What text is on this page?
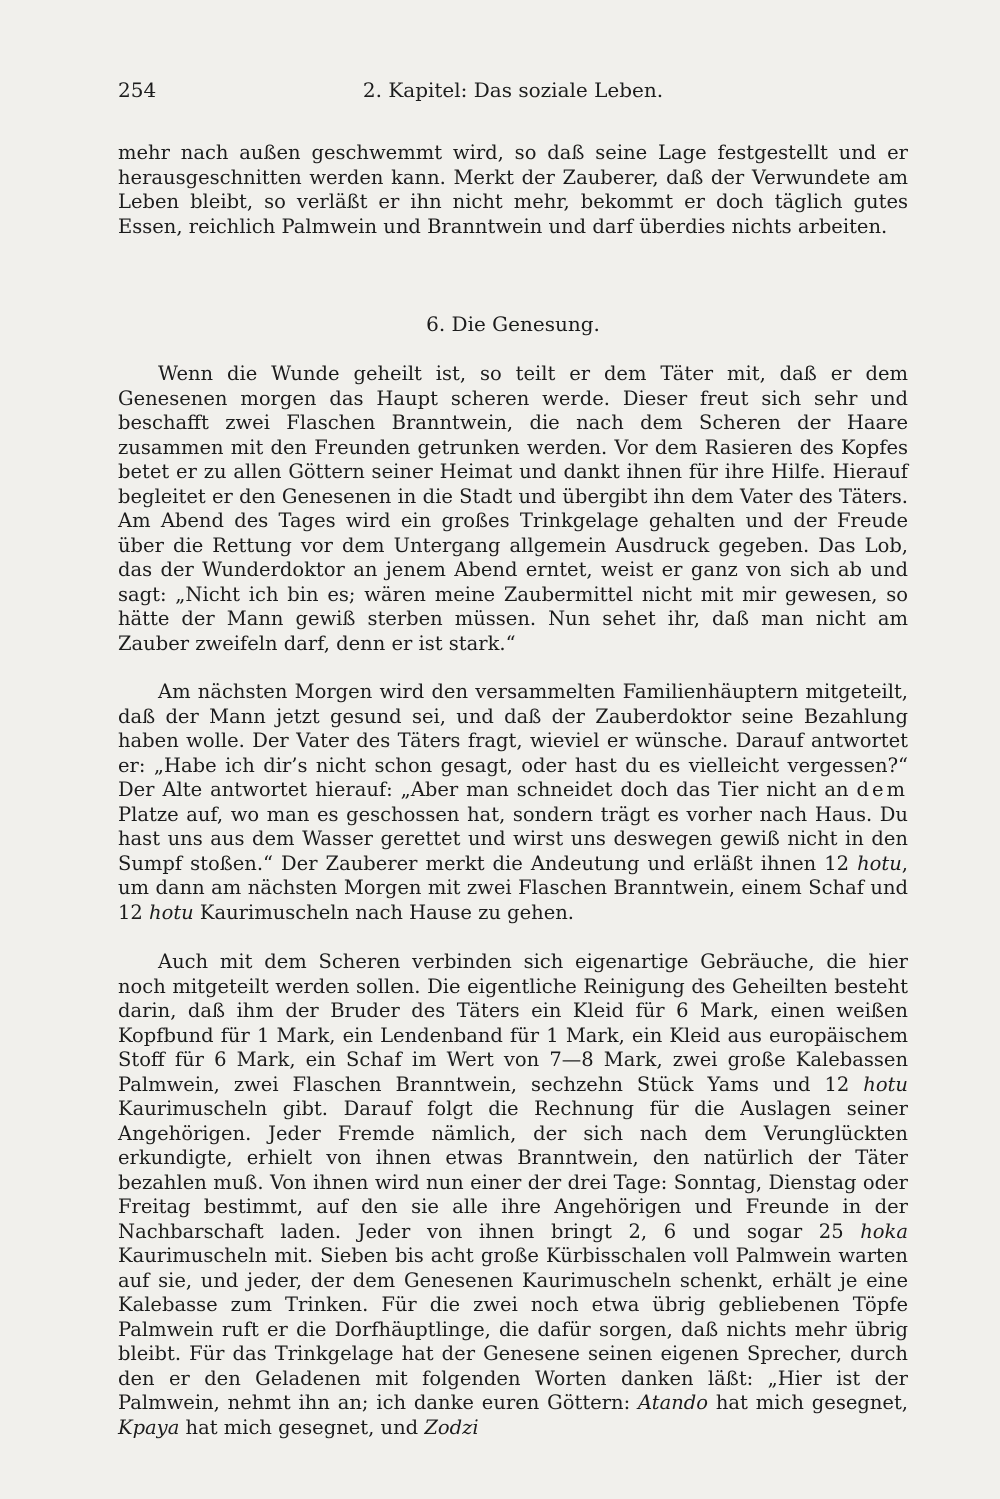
254	2. Kapitel: Das soziale Leben.

mehr nach außen geschwemmt wird, so daß seine Lage festgestellt und er herausgeschnitten werden kann. Merkt der Zauberer, daß der Verwundete am Leben bleibt, so verläßt er ihn nicht mehr, bekommt er doch täglich gutes Essen, reichlich Palmwein und Branntwein und darf überdies nichts arbeiten.

6. Die Genesung.

Wenn die Wunde geheilt ist, so teilt er dem Täter mit, daß er dem Genesenen morgen das Haupt scheren werde. Dieser freut sich sehr und beschafft zwei Flaschen Branntwein, die nach dem Scheren der Haare zusammen mit den Freunden getrunken werden. Vor dem Rasieren des Kopfes betet er zu allen Göttern seiner Heimat und dankt ihnen für ihre Hilfe. Hierauf begleitet er den Genesenen in die Stadt und übergibt ihn dem Vater des Täters. Am Abend des Tages wird ein großes Trinkgelage gehalten und der Freude über die Rettung vor dem Untergang allgemein Ausdruck gegeben. Das Lob, das der Wunderdoktor an jenem Abend erntet, weist er ganz von sich ab und sagt: „Nicht ich bin es; wären meine Zaubermittel nicht mit mir gewesen, so hätte der Mann gewiß sterben müssen. Nun sehet ihr, daß man nicht am Zauber zweifeln darf, denn er ist stark.“

Am nächsten Morgen wird den versammelten Familienhäuptern mitgeteilt, daß der Mann jetzt gesund sei, und daß der Zauberdoktor seine Bezahlung haben wolle. Der Vater des Täters fragt, wieviel er wünsche. Darauf antwortet er: „Habe ich dir’s nicht schon gesagt, oder hast du es vielleicht vergessen?“ Der Alte antwortet hierauf: „Aber man schneidet doch das Tier nicht an dem Platze auf, wo man es geschossen hat, sondern trägt es vorher nach Haus. Du hast uns aus dem Wasser gerettet und wirst uns deswegen gewiß nicht in den Sumpf stoßen.“ Der Zauberer merkt die Andeutung und erläßt ihnen 12 hotu, um dann am nächsten Morgen mit zwei Flaschen Branntwein, einem Schaf und 12 hotu Kaurimuscheln nach Hause zu gehen.

Auch mit dem Scheren verbinden sich eigenartige Gebräuche, die hier noch mitgeteilt werden sollen. Die eigentliche Reinigung des Geheilten besteht darin, daß ihm der Bruder des Täters ein Kleid für 6 Mark, einen weißen Kopfbund für 1 Mark, ein Lendenband für 1 Mark, ein Kleid aus europäischem Stoff für 6 Mark, ein Schaf im Wert von 7—8 Mark, zwei große Kalebassen Palmwein, zwei Flaschen Branntwein, sechzehn Stück Yams und 12 hotu Kaurimuscheln gibt. Darauf folgt die Rechnung für die Auslagen seiner Angehörigen. Jeder Fremde nämlich, der sich nach dem Verunglückten erkundigte, erhielt von ihnen etwas Branntwein, den natürlich der Täter bezahlen muß. Von ihnen wird nun einer der drei Tage: Sonntag, Dienstag oder Freitag bestimmt, auf den sie alle ihre Angehörigen und Freunde in der Nachbarschaft laden. Jeder von ihnen bringt 2, 6 und sogar 25 hoka Kaurimuscheln mit. Sieben bis acht große Kürbisschalen voll Palmwein warten auf sie, und jeder, der dem Genesenen Kaurimuscheln schenkt, erhält je eine Kalebasse zum Trinken. Für die zwei noch etwa übrig gebliebenen Töpfe Palmwein ruft er die Dorfhäuptlinge, die dafür sorgen, daß nichts mehr übrig bleibt. Für das Trinkgelage hat der Genesene seinen eigenen Sprecher, durch den er den Geladenen mit folgenden Worten danken läßt: „Hier ist der Palmwein, nehmt ihn an; ich danke euren Göttern: Atando hat mich gesegnet, Kpaya hat mich gesegnet, und Zodzi
